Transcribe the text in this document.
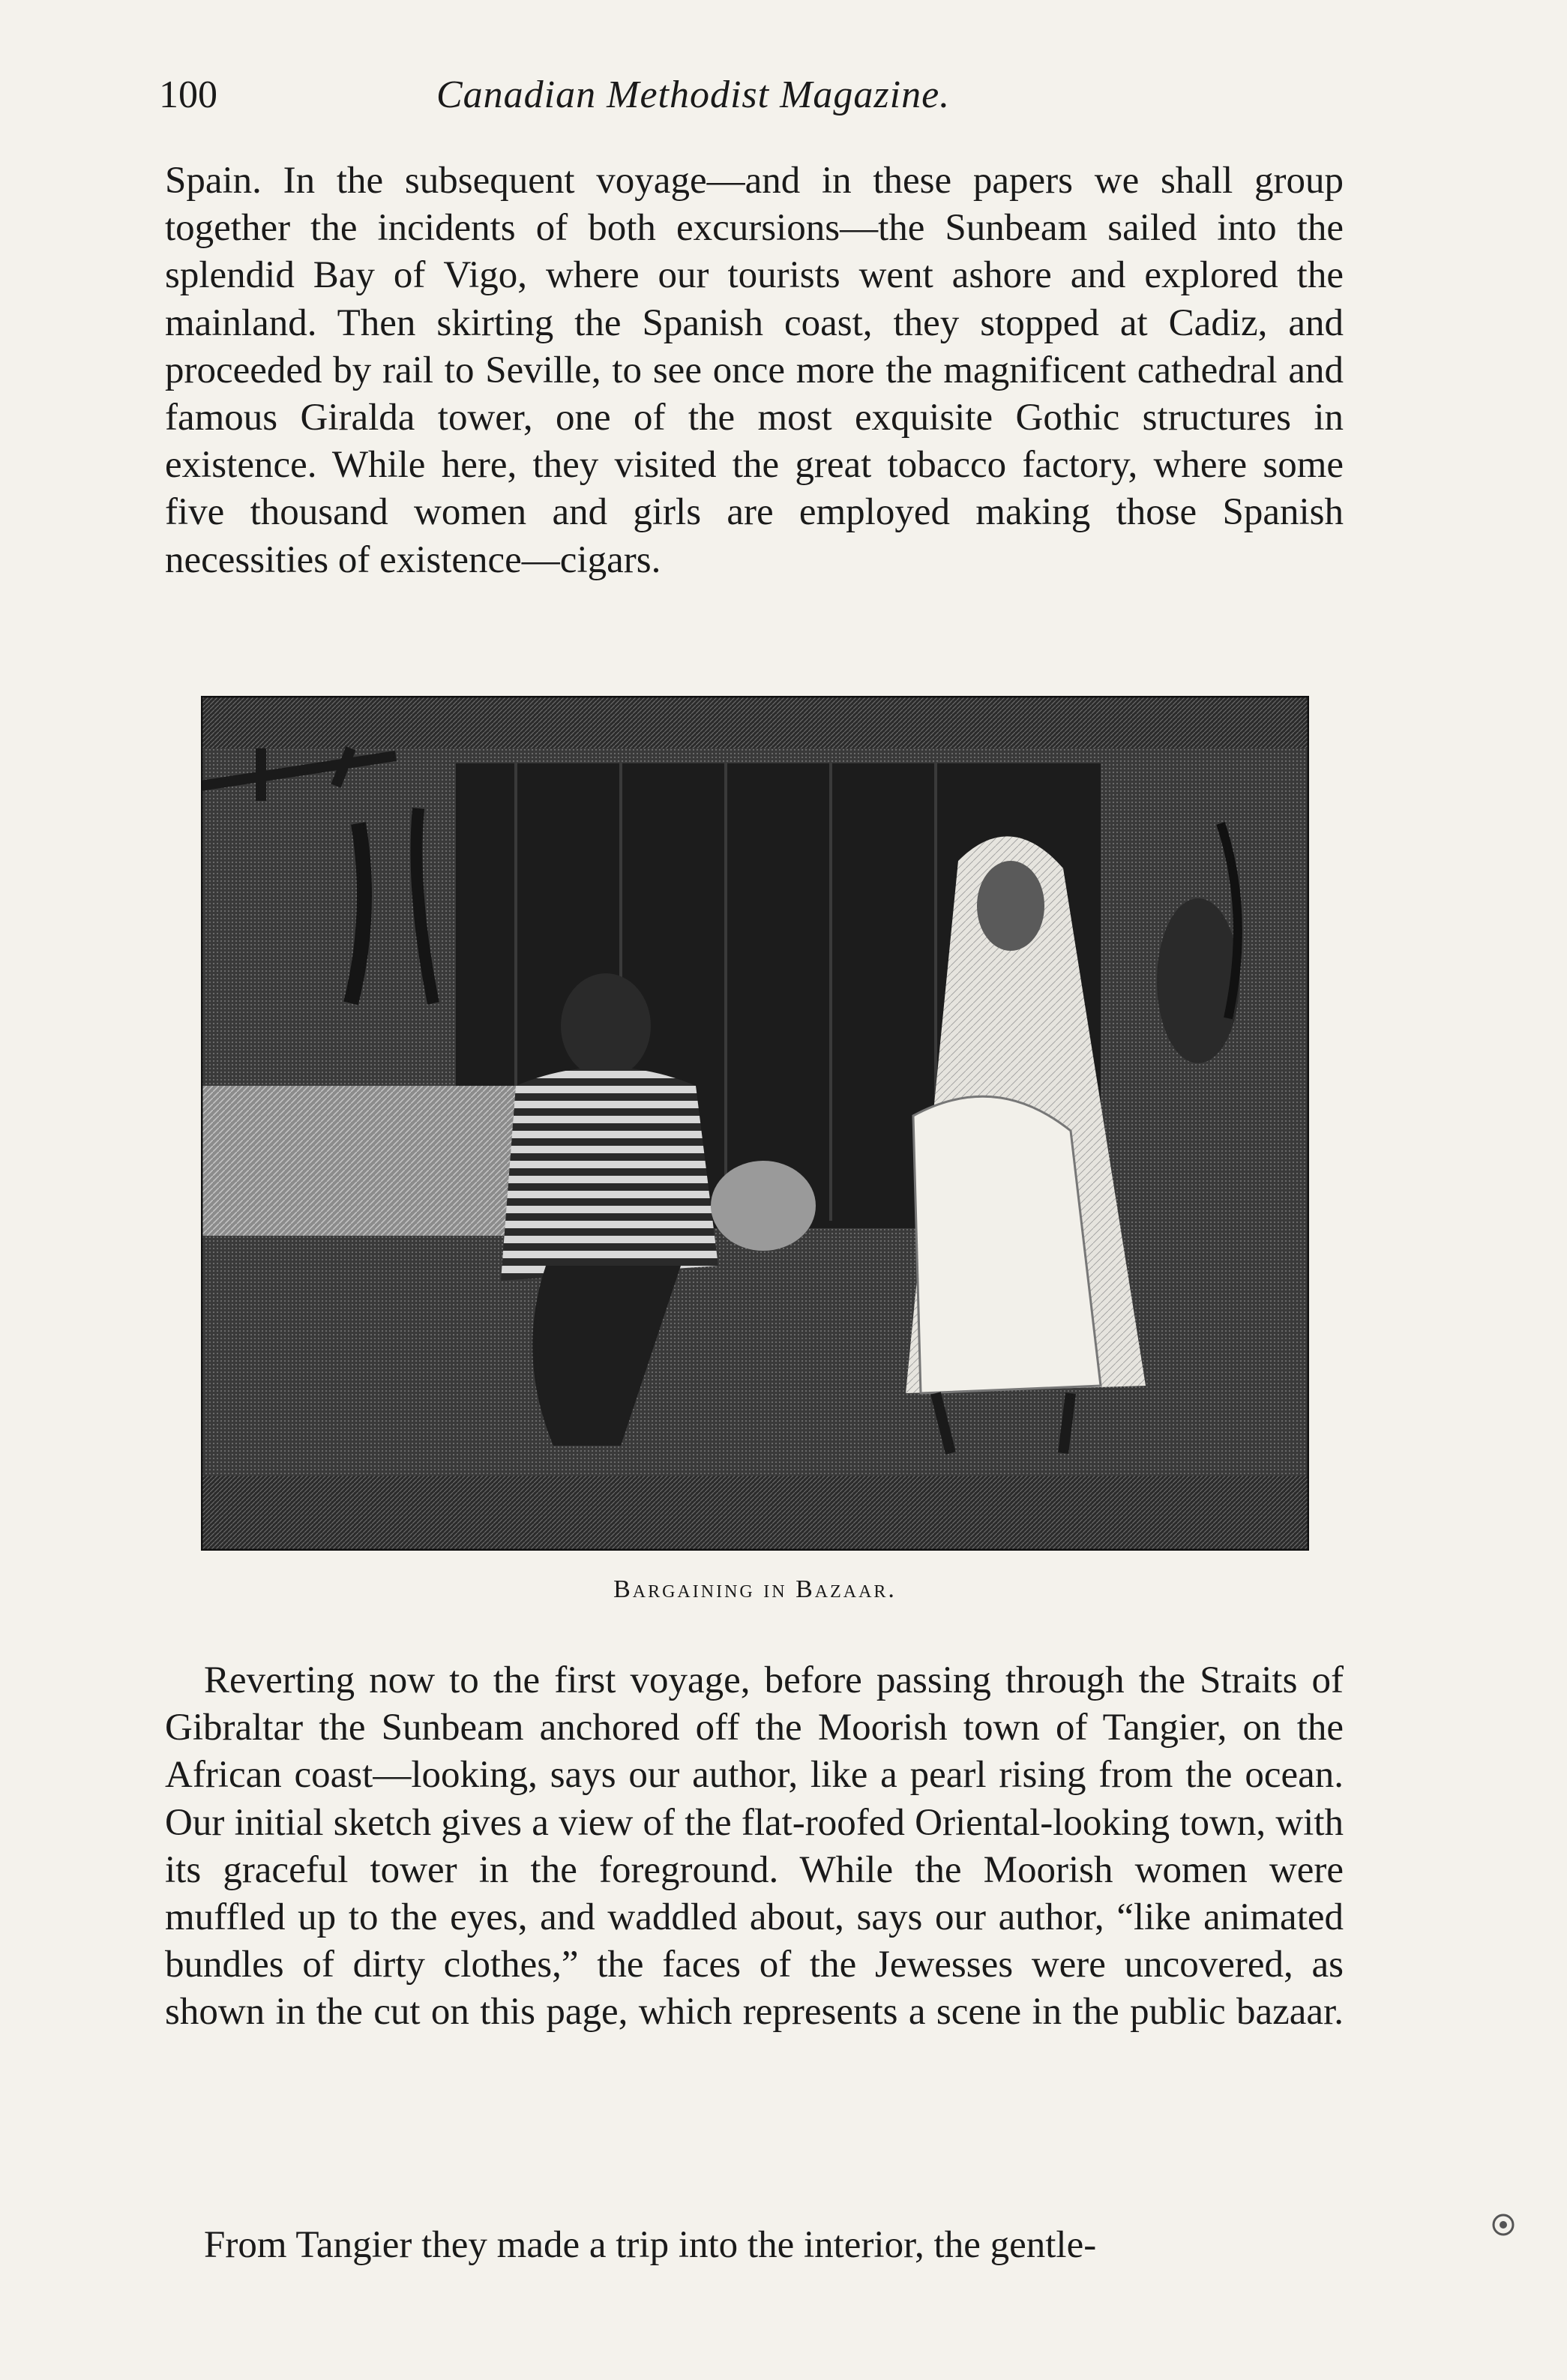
100	Canadian Methodist Magazine.

Spain. In the subsequent voyage—and in these papers we shall group together the incidents of both excursions—the Sunbeam sailed into the splendid Bay of Vigo, where our tourists went ashore and explored the mainland. Then skirting the Spanish coast, they stopped at Cadiz, and proceeded by rail to Seville, to see once more the magnificent cathedral and famous Giralda tower, one of the most exquisite Gothic structures in existence. While here, they visited the great tobacco factory, where some five thousand women and girls are employed making those Spanish necessities of existence—cigars.

Bargaining in Bazaar.

Reverting now to the first voyage, before passing through the Straits of Gibraltar the Sunbeam anchored off the Moorish town of Tangier, on the African coast—looking, says our author, like a pearl rising from the ocean. Our initial sketch gives a view of the flat-roofed Oriental-looking town, with its graceful tower in the foreground. While the Moorish women were muffled up to the eyes, and waddled about, says our author, “like animated bundles of dirty clothes,” the faces of the Jewesses were uncovered, as shown in the cut on this page, which represents a scene in the public bazaar.

From Tangier they made a trip into the interior, the gentle-
